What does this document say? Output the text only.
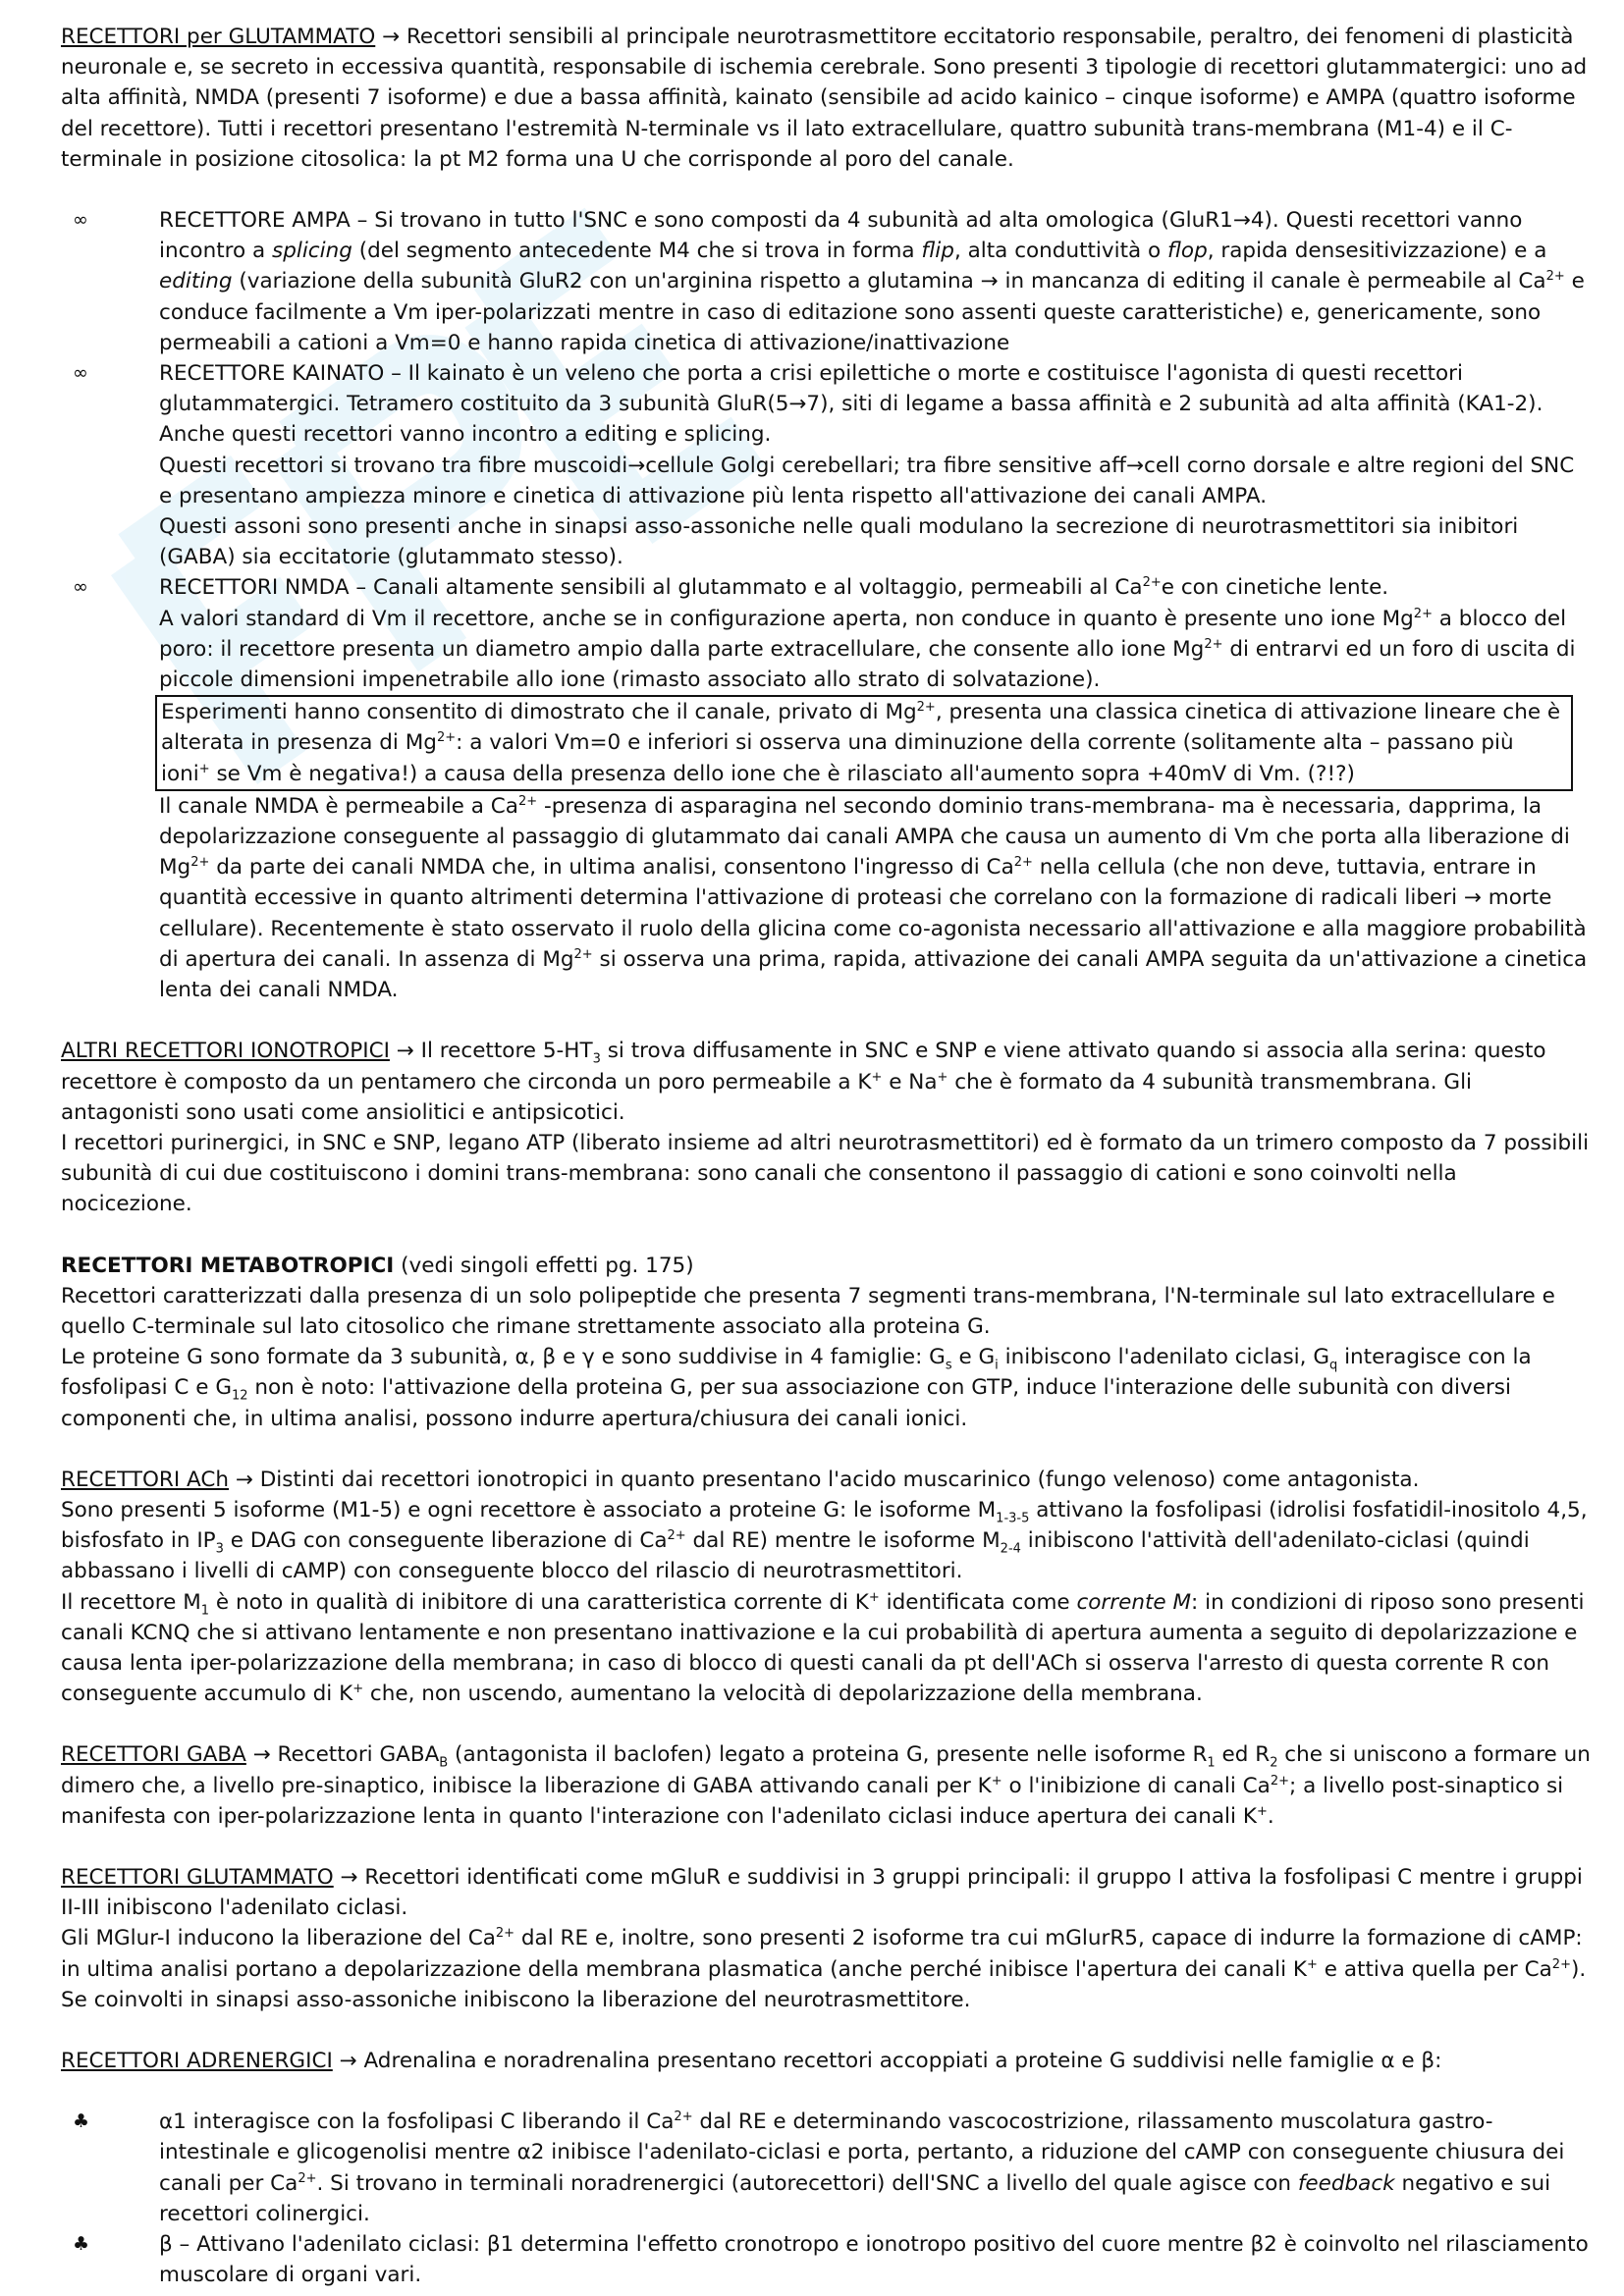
RECETTORI per GLUTAMMATO → Recettori sensibili al principale neurotrasmettitore eccitatorio responsabile, peraltro, dei fenomeni di plasticità neuronale e, se secreto in eccessiva quantità, responsabile di ischemia cerebrale. Sono presenti 3 tipologie di recettori glutammatergici: uno ad alta affinità, NMDA (presenti 7 isoforme) e due a bassa affinità, kainato (sensibile ad acido kainico – cinque isoforme) e AMPA (quattro isoforme del recettore). Tutti i recettori presentano l'estremità N-terminale vs il lato extracellulare, quattro subunità trans-membrana (M1-4) e il C-terminale in posizione citosolica: la pt M2 forma una U che corrisponde al poro del canale.

∞	RECETTORE AMPA – Si trovano in tutto l'SNC e sono composti da 4 subunità ad alta omologica (GluR1→4). Questi recettori vanno incontro a splicing (del segmento antecedente M4 che si trova in forma flip, alta conduttività o flop, rapida densesitivizzazione) e a editing (variazione della subunità GluR2 con un'arginina rispetto a glutamina → in mancanza di editing il canale è permeabile al $Ca^{2+}$ e conduce facilmente a Vm iper-polarizzati mentre in caso di editazione sono assenti queste caratteristiche) e, genericamente, sono permeabili a cationi a Vm=0 e hanno rapida cinetica di attivazione/inattivazione

∞	RECETTORE KAINATO – Il kainato è un veleno che porta a crisi epilettiche o morte e costituisce l'agonista di questi recettori glutammatergici. Tetramero costituito da 3 subunità GluR(5→7), siti di legame a bassa affinità e 2 subunità ad alta affinità (KA1-2). Anche questi recettori vanno incontro a editing e splicing.

Questi recettori si trovano tra fibre muscoidi→cellule Golgi cerebellari; tra fibre sensitive aff→cell corno dorsale e altre regioni del SNC e presentano ampiezza minore e cinetica di attivazione più lenta rispetto all'attivazione dei canali AMPA.

Questi assoni sono presenti anche in sinapsi asso-assoniche nelle quali modulano la secrezione di neurotrasmettitori sia inibitori (GABA) sia eccitatorie (glutammato stesso).

∞	RECETTORI NMDA – Canali altamente sensibili al glutammato e al voltaggio, permeabili al $Ca^{2+}e$ con cinetiche lente.

A valori standard di Vm il recettore, anche se in configurazione aperta, non conduce in quanto è presente uno ione $Mg^{2+}$ a blocco del poro: il recettore presenta un diametro ampio dalla parte extracellulare, che consente allo ione $Mg^{2+}$ di entrarvi ed un foro di uscita di piccole dimensioni impenetrabile allo ione (rimasto associato allo strato di solvatazione).

Esperimenti hanno consentito di dimostrato che il canale, privato di $Mg^{2+}$, presenta una classica cinetica di attivazione lineare che è alterata in presenza di $Mg^{2+}$: a valori Vm=0 e inferiori si osserva una diminuzione della corrente (solitamente alta – passano più ioni+ se Vm è negativa!) a causa della presenza dello ione che è rilasciato all'aumento sopra +40mV di Vm. (?!?)

Il canale NMDA è permeabile a $Ca^{2+}$ -presenza di asparagina nel secondo dominio trans-membrana- ma è necessaria, dapprima, la depolarizzazione conseguente al passaggio di glutammato dai canali AMPA che causa un aumento di Vm che porta alla liberazione di $Mg^{2+}$ da parte dei canali NMDA che, in ultima analisi, consentono l'ingresso di $Ca^{2+}$ nella cellula (che non deve, tuttavia, entrare in quantità eccessive in quanto altrimenti determina l'attivazione di proteasi che correlano con la formazione di radicali liberi → morte cellulare). Recentemente è stato osservato il ruolo della glicina come co-agonista necessario all'attivazione e alla maggiore probabilità di apertura dei canali. In assenza di $Mg^{2+}$ si osserva una prima, rapida, attivazione dei canali AMPA seguita da un'attivazione a cinetica lenta dei canali NMDA.

ALTRI RECETTORI IONOTROPICI → Il recettore $5-HT_3$ si trova diffusamente in SNC e SNP e viene attivato quando si associa alla serina: questo recettore è composto da un pentamero che circonda un poro permeabile a K+ e Na+ che è formato da 4 subunità transmembrana. Gli antagonisti sono usati come ansiolitici e antipsicotici.

I recettori purinergici, in SNC e SNP, legano ATP (liberato insieme ad altri neurotrasmettitori) ed è formato da un trimero composto da 7 possibili subunità di cui due costituiscono i domini trans-membrana: sono canali che consentono il passaggio di cationi e sono coinvolti nella nocicezione.

RECETTORI METABOTROPICI (vedi singoli effetti pg. 175)

Recettori caratterizzati dalla presenza di un solo polipeptide che presenta 7 segmenti trans-membrana, l'N-terminale sul lato extracellulare e quello C-terminale sul lato citosolico che rimane strettamente associato alla proteina G.

Le proteine G sono formate da 3 subunità, α, β e γ e sono suddivise in 4 famiglie: $G_s$ e $G_i$ inibiscono l'adenilato ciclasi, $G_q$ interagisce con la fosfolipasi C e $G_{12}$ non è noto: l'attivazione della proteina G, per sua associazione con GTP, induce l'interazione delle subunità con diversi componenti che, in ultima analisi, possono indurre apertura/chiusura dei canali ionici.

RECETTORI ACh → Distinti dai recettori ionotropici in quanto presentano l'acido muscarinico (fungo velenoso) come antagonista.

Sono presenti 5 isoforme (M1-5) e ogni recettore è associato a proteine G: le isoforme $M_{1-3-5}$ attivano la fosfolipasi (idrolisi fosfatidil-inositolo 4,5, bisfosfato in $IP_3$ e DAG con conseguente liberazione di $Ca^{2+}$ dal RE) mentre le isoforme $M_{2-4}$ inibiscono l'attività dell'adenilato-ciclasi (quindi abbassano i livelli di cAMP) con conseguente blocco del rilascio di neurotrasmettitori.

Il recettore $M_1$ è noto in qualità di inibitore di una caratteristica corrente di K+ identificata come corrente M: in condizioni di riposo sono presenti canali KCNQ che si attivano lentamente e non presentano inattivazione e la cui probabilità di apertura aumenta a seguito di depolarizzazione e causa lenta iper-polarizzazione della membrana; in caso di blocco di questi canali da pt dell'ACh si osserva l'arresto di questa corrente R con conseguente accumulo di K+ che, non uscendo, aumentano la velocità di depolarizzazione della membrana.

RECETTORI GABA → Recettori $GABA_B$ (antagonista il baclofen) legato a proteina G, presente nelle isoforme $R_1$ ed $R_2$ che si uniscono a formare un dimero che, a livello pre-sinaptico, inibisce la liberazione di GABA attivando canali per K+ o l'inibizione di canali $Ca^{2+}$; a livello post-sinaptico si manifesta con iper-polarizzazione lenta in quanto l'interazione con l'adenilato ciclasi induce apertura dei canali K+.

RECETTORI GLUTAMMATO → Recettori identificati come mGluR e suddivisi in 3 gruppi principali: il gruppo I attiva la fosfolipasi C mentre i gruppi II-III inibiscono l'adenilato ciclasi.

Gli MGlur-I inducono la liberazione del $Ca^{2+}$ dal RE e, inoltre, sono presenti 2 isoforme tra cui mGlurR5, capace di indurre la formazione di cAMP: in ultima analisi portano a depolarizzazione della membrana plasmatica (anche perché inibisce l'apertura dei canali K+ e attiva quella per $Ca^{2+}$). Se coinvolti in sinapsi asso-assoniche inibiscono la liberazione del neurotrasmettitore.

RECETTORI ADRENERGICI → Adrenalina e noradrenalina presentano recettori accoppiati a proteine G suddivisi nelle famiglie α e β:

♣	α1 interagisce con la fosfolipasi C liberando il $Ca^{2+}$ dal RE e determinando vascocostrizione, rilassamento muscolatura gastro-intestinale e glicogenolisi mentre α2 inibisce l'adenilato-ciclasi e porta, pertanto, a riduzione del cAMP con conseguente chiusura dei canali per $Ca^{2+}$. Si trovano in terminali noradrenergici (autorecettori) dell'SNC a livello del quale agisce con feedback negativo e sui recettori colinergici.

♣	β – Attivano l'adenilato ciclasi: β1 determina l'effetto cronotropo e ionotropo positivo del cuore mentre β2 è coinvolto nel rilasciamento muscolare di organi vari.
